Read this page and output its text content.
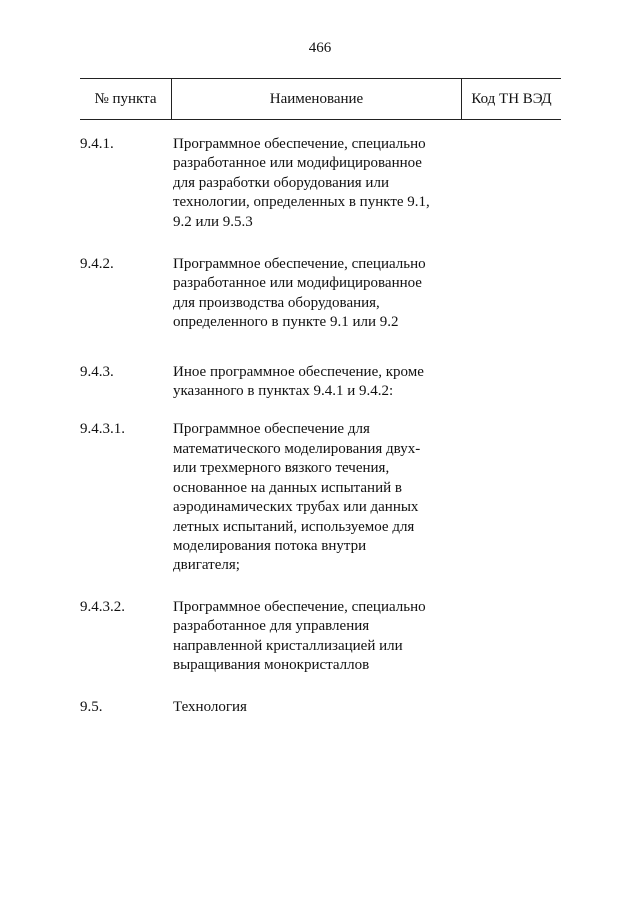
466
№ пункта	Наименование	Код ТН ВЭД
9.4.1.	Программное обеспечение, специально
разработанное или модифицированное
для разработки оборудования или
технологии, определенных в пункте 9.1,
9.2 или 9.5.3
9.4.2.	Программное обеспечение, специально
разработанное или модифицированное
для производства оборудования,
определенного в пункте 9.1 или 9.2
9.4.3.	Иное программное обеспечение, кроме
указанного в пунктах 9.4.1 и 9.4.2:
9.4.3.1.	Программное обеспечение для
математического моделирования двух-
или трехмерного вязкого течения,
основанное на данных испытаний в
аэродинамических трубах или данных
летных испытаний, используемое для
моделирования потока внутри
двигателя;
9.4.3.2.	Программное обеспечение, специально
разработанное для управления
направленной кристаллизацией или
выращивания монокристаллов
9.5.	Технология
